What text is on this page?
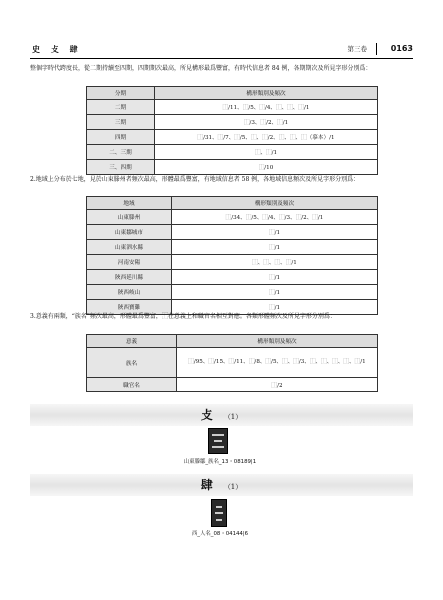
史 攴 肆	第三卷	0163
整個字時代跨度長，從二期持續至四期，四期期次最高，所見構形最爲豐富，有時代信息者 84 例，各期期次及所見字形分別爲：
分期	構形類別及頻次
二期	⿰/11、⿰/5、⿰/4、⿰、⿰、⿰/1
三期	⿰/3、⿰/2、⿰/1
四期	⿰/31、⿰/7、⿰/5、⿰、⿰/2、⿰、⿰、⿰（摹本）/1
二、三期	⿰、⿰/1
三、四期	⿰/10
2.地域上分布於七地，見於山東滕州者頻次最高，形體最爲豐富，有地域信息者 58 例，各地域信息頻次及所見字形分別爲：
地域	構形類別及頻次
山東滕州	⿰/34、⿰/5、⿰/4、⿰/3、⿰/2、⿰/1
山東鄒城市	⿰/1
山東泗水縣	⿰/1
河南安陽	⿰、⿰、⿰、⿰/1
陝西延川縣	⿰/1
陝西岐山	⿰/1
陝西寶雞	⿰/1
3.意義有兩類，“族名”頻次最高，形體最爲豐富，⿰在意義上和職官名相互對應。各類形體頻次及所見字形分別爲：
意義	構形類別及頻次
族名	⿰/95、⿰/15、⿰/11、⿰/8、⿰/5、⿰、⿰/3、⿰、⿰、⿰、⿰、⿰/1
職官名	⿰/2
攴 （1）
山東滕鄒_族名_13・08189|1
肆 （1）
西_人名_08・04144|6
